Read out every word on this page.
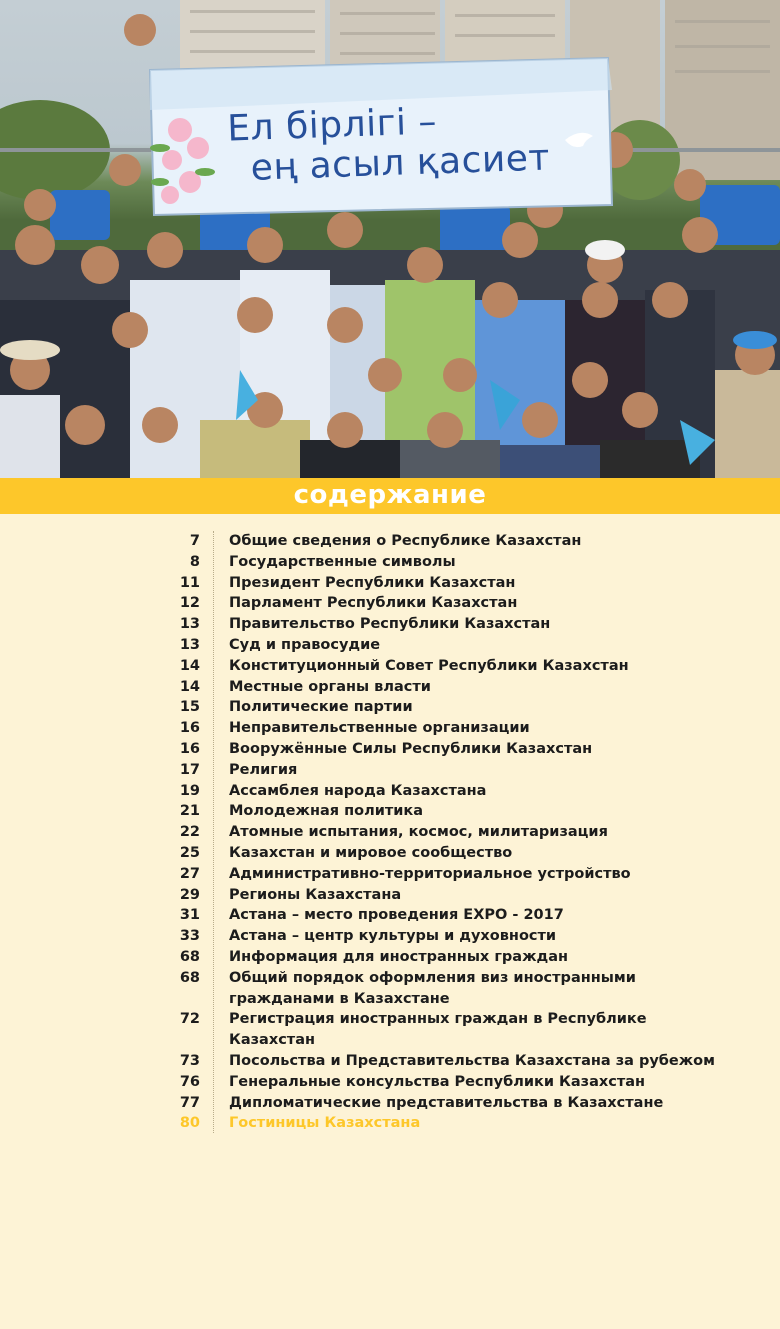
Ел бірлігі –
ең асыл қасиет
содержание
7 Общие сведения о Республике Казахстан
8 Государственные символы
11 Президент Республики Казахстан
12 Парламент Республики Казахстан
13 Правительство Республики Казахстан
13 Суд и правосудие
14 Конституционный Совет Республики Казахстан
14 Местные органы власти
15 Политические партии
16 Неправительственные организации
16 Вооружённые Силы Республики Казахстан
17 Религия
19 Ассамблея народа Казахстана
21 Молодежная политика
22 Атомные испытания, космос, милитаризация
25 Казахстан и мировое сообщество
27 Административно-территориальное устройство
29 Регионы Казахстана
31 Астана – место проведения EXPO - 2017
33 Астана – центр культуры и духовности
68 Информация для иностранных граждан
68 Общий порядок оформления виз иностранными гражданами в Казахстане
72 Регистрация иностранных граждан в Республике Казахстан
73 Посольства и Представительства Казахстана за рубежом
76 Генеральные консульства Республики Казахстан
77 Дипломатические представительства в Казахстане
80 Гостиницы Казахстана
